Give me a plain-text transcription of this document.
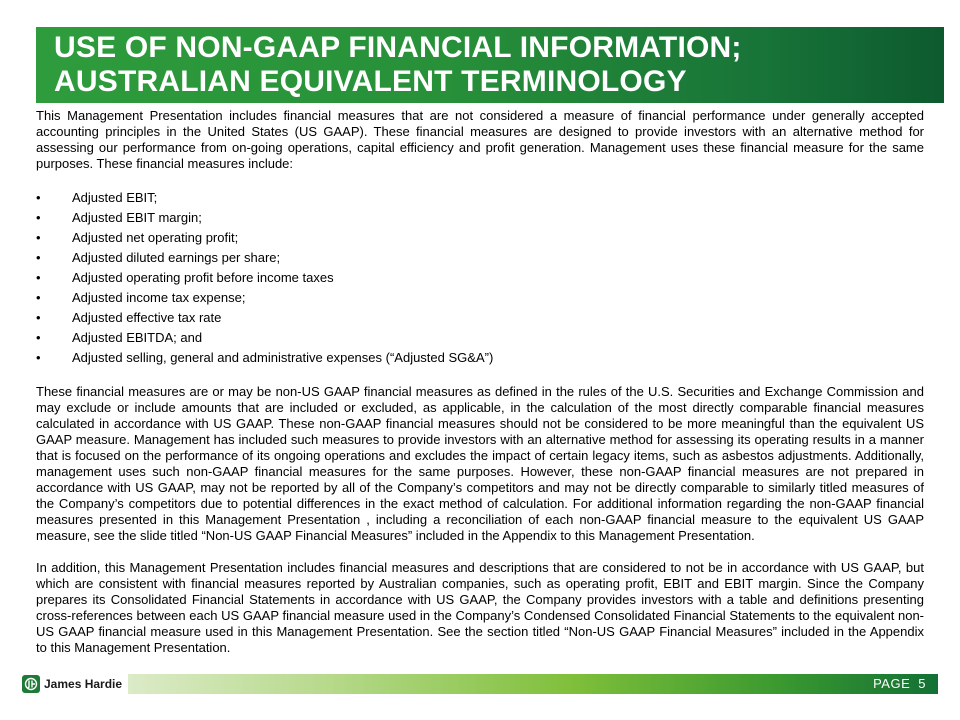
USE OF NON-GAAP FINANCIAL INFORMATION; AUSTRALIAN EQUIVALENT TERMINOLOGY

This Management Presentation includes financial measures that are not considered a measure of financial performance under generally accepted accounting principles in the United States (US GAAP). These financial measures are designed to provide investors with an alternative method for assessing our performance from on-going operations, capital efficiency and profit generation. Management uses these financial measure for the same purposes. These financial measures include:

• Adjusted EBIT;
• Adjusted EBIT margin;
• Adjusted net operating profit;
• Adjusted diluted earnings per share;
• Adjusted operating profit before income taxes
• Adjusted income tax expense;
• Adjusted effective tax rate
• Adjusted EBITDA; and
• Adjusted selling, general and administrative expenses (“Adjusted SG&A”)

These financial measures are or may be non-US GAAP financial measures as defined in the rules of the U.S. Securities and Exchange Commission and may exclude or include amounts that are included or excluded, as applicable, in the calculation of the most directly comparable financial measures calculated in accordance with US GAAP. These non-GAAP financial measures should not be considered to be more meaningful than the equivalent US GAAP measure. Management has included such measures to provide investors with an alternative method for assessing its operating results in a manner that is focused on the performance of its ongoing operations and excludes the impact of certain legacy items, such as asbestos adjustments. Additionally, management uses such non-GAAP financial measures for the same purposes. However, these non-GAAP financial measures are not prepared in accordance with US GAAP, may not be reported by all of the Company’s competitors and may not be directly comparable to similarly titled measures of the Company’s competitors due to potential differences in the exact method of calculation. For additional information regarding the non-GAAP financial measures presented in this Management Presentation , including a reconciliation of each non-GAAP financial measure to the equivalent US GAAP measure, see the slide titled “Non-US GAAP Financial Measures” included in the Appendix to this Management Presentation.

In addition, this Management Presentation includes financial measures and descriptions that are considered to not be in accordance with US GAAP, but which are consistent with financial measures reported by Australian companies, such as operating profit, EBIT and EBIT margin. Since the Company prepares its Consolidated Financial Statements in accordance with US GAAP, the Company provides investors with a table and definitions presenting cross-references between each US GAAP financial measure used in the Company’s Condensed Consolidated Financial Statements to the equivalent non-US GAAP financial measure used in this Management Presentation. See the section titled “Non-US GAAP Financial Measures” included in the Appendix to this Management Presentation.

James Hardie	PAGE 5
